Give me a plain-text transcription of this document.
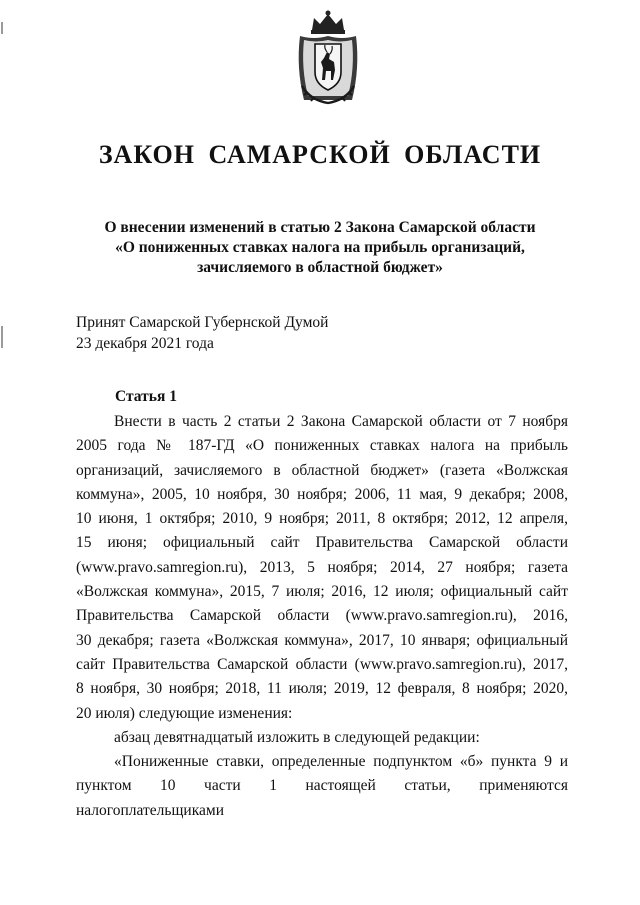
ЗАКОН САМАРСКОЙ ОБЛАСТИ
О внесении изменений в статью 2 Закона Самарской области
«О пониженных ставках налога на прибыль организаций,
зачисляемого в областной бюджет»
Принят Самарской Губернской Думой
23 декабря 2021 года
Статья 1
Внести в часть 2 статьи 2 Закона Самарской области от 7 ноября
2005 года № 187-ГД «О пониженных ставках налога на прибыль
организаций, зачисляемого в областной бюджет» (газета «Волжская
коммуна», 2005, 10 ноября, 30 ноября; 2006, 11 мая, 9 декабря; 2008,
10 июня, 1 октября; 2010, 9 ноября; 2011, 8 октября; 2012, 12 апреля,
15 июня; официальный сайт Правительства Самарской области
(www.pravo.samregion.ru), 2013, 5 ноября; 2014, 27 ноября; газета
«Волжская коммуна», 2015, 7 июля; 2016, 12 июля; официальный сайт
Правительства Самарской области (www.pravo.samregion.ru), 2016,
30 декабря; газета «Волжская коммуна», 2017, 10 января; официальный
сайт Правительства Самарской области (www.pravo.samregion.ru), 2017,
8 ноября, 30 ноября; 2018, 11 июля; 2019, 12 февраля, 8 ноября; 2020,
20 июля) следующие изменения:
абзац девятнадцатый изложить в следующей редакции:
«Пониженные ставки, определенные подпунктом «б» пункта 9 и
пунктом 10 части 1 настоящей статьи, применяются налогоплательщиками
